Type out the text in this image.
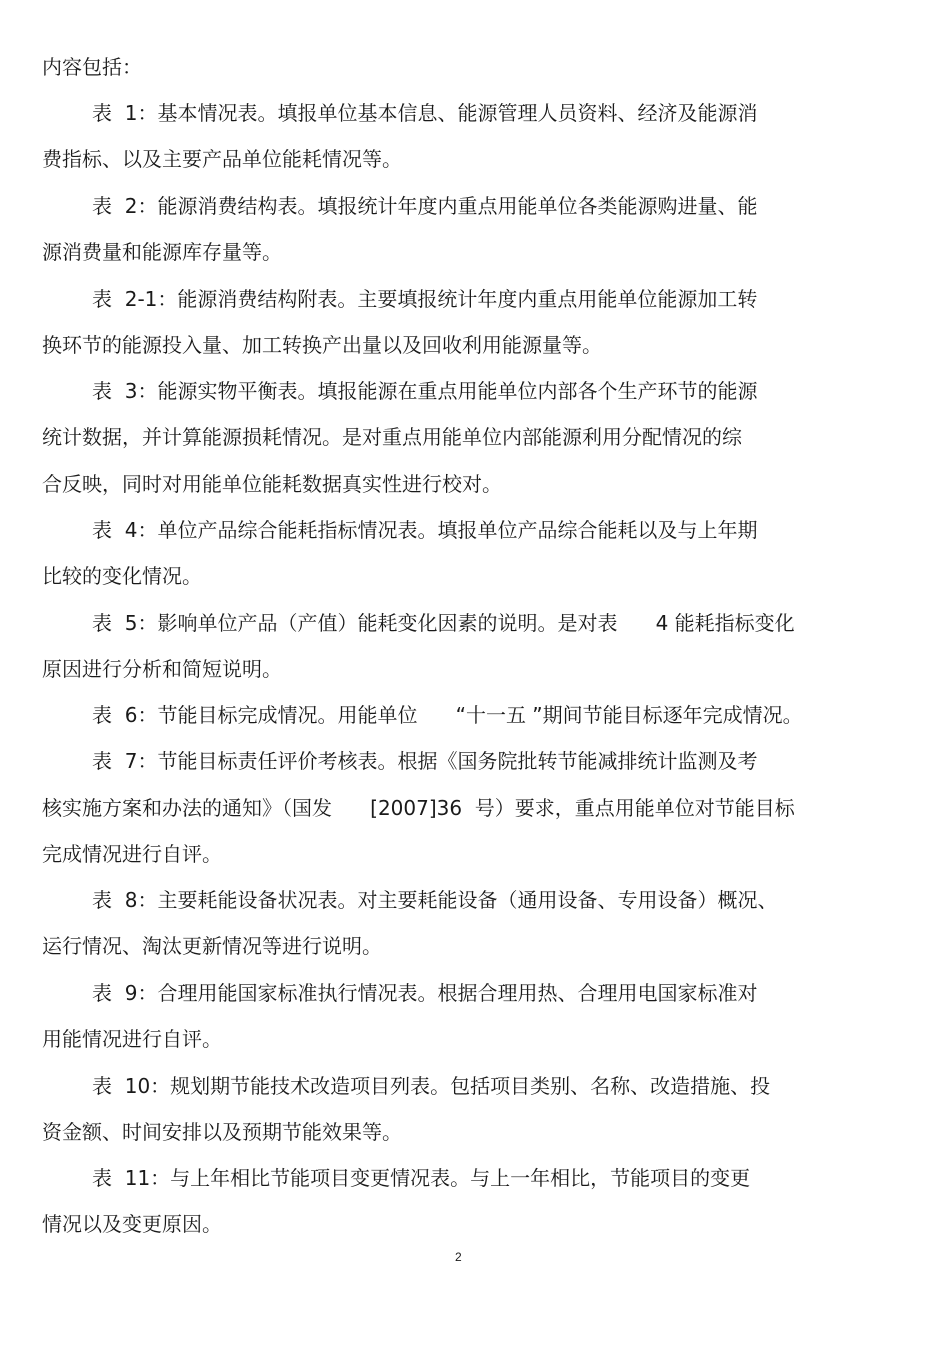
内容包括：
表  1：基本情况表。填报单位基本信息、能源管理人员资料、经济及能源消
费指标、以及主要产品单位能耗情况等。
表  2：能源消费结构表。填报统计年度内重点用能单位各类能源购进量、能
源消费量和能源库存量等。
表  2-1：能源消费结构附表。主要填报统计年度内重点用能单位能源加工转
换环节的能源投入量、加工转换产出量以及回收利用能源量等。
表  3：能源实物平衡表。填报能源在重点用能单位内部各个生产环节的能源
统计数据，并计算能源损耗情况。是对重点用能单位内部能源利用分配情况的综
合反映，同时对用能单位能耗数据真实性进行校对。
表  4：单位产品综合能耗指标情况表。填报单位产品综合能耗以及与上年期
比较的变化情况。
表  5：影响单位产品（产值）能耗变化因素的说明。是对表      4 能耗指标变化
原因进行分析和简短说明。
表  6：节能目标完成情况。用能单位      “十一五 ”期间节能目标逐年完成情况。
表  7：节能目标责任评价考核表。根据《国务院批转节能减排统计监测及考
核实施方案和办法的通知》（国发      [2007]36  号）要求，重点用能单位对节能目标
完成情况进行自评。
表  8：主要耗能设备状况表。对主要耗能设备（通用设备、专用设备）概况、
运行情况、淘汰更新情况等进行说明。
表  9：合理用能国家标准执行情况表。根据合理用热、合理用电国家标准对
用能情况进行自评。
表  10：规划期节能技术改造项目列表。包括项目类别、名称、改造措施、投
资金额、时间安排以及预期节能效果等。
表  11：与上年相比节能项目变更情况表。与上一年相比，节能项目的变更
情况以及变更原因。
2
